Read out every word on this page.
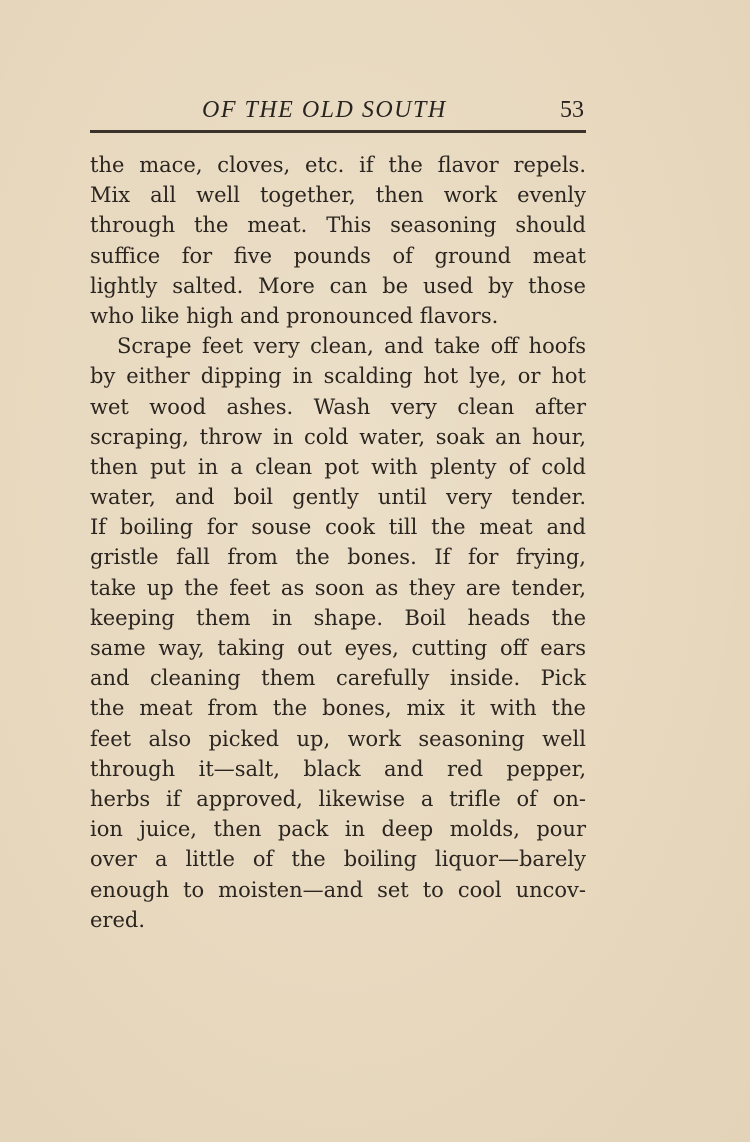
OF THE OLD SOUTH	53
the mace, cloves, etc. if the flavor repels.
Mix all well together, then work evenly
through the meat. This seasoning should
suffice for five pounds of ground meat
lightly salted. More can be used by those
who like high and pronounced flavors.
Scrape feet very clean, and take off hoofs
by either dipping in scalding hot lye, or hot
wet wood ashes. Wash very clean after
scraping, throw in cold water, soak an hour,
then put in a clean pot with plenty of cold
water, and boil gently until very tender.
If boiling for souse cook till the meat and
gristle fall from the bones. If for frying,
take up the feet as soon as they are tender,
keeping them in shape. Boil heads the
same way, taking out eyes, cutting off ears
and cleaning them carefully inside. Pick
the meat from the bones, mix it with the
feet also picked up, work seasoning well
through it—salt, black and red pepper,
herbs if approved, likewise a trifle of on-
ion juice, then pack in deep molds, pour
over a little of the boiling liquor—barely
enough to moisten—and set to cool uncov-
ered.
